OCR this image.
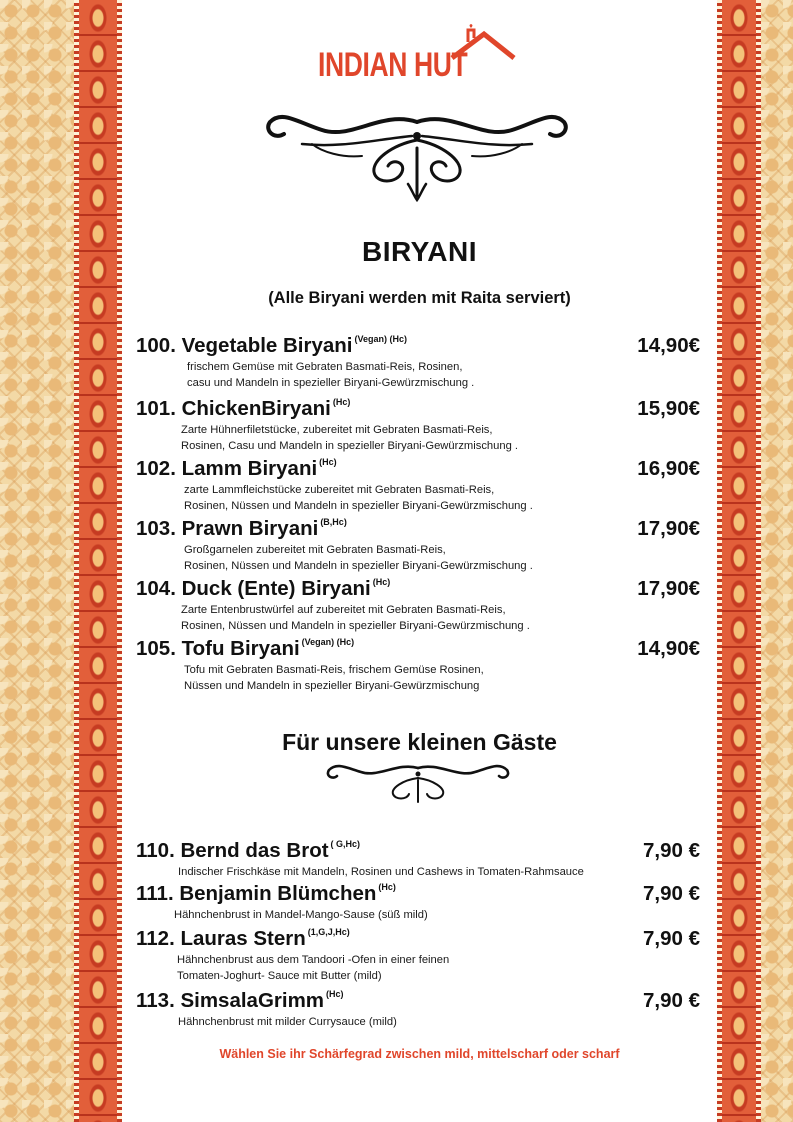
INDIAN HUT
BIRYANI
(Alle Biryani werden mit Raita serviert)
100. Vegetable Biryani $^{(Vegan) (Hc)}$	14,90€
frischem Gemüse mit Gebraten Basmati-Reis, Rosinen,
casu und Mandeln in spezieller Biryani-Gewürzmischung .
101. ChickenBiryani $^{(Hc)}$	15,90€
Zarte Hühnerfiletstücke, zubereitet mit Gebraten Basmati-Reis,
Rosinen, Casu und Mandeln in spezieller Biryani-Gewürzmischung .
102. Lamm Biryani $^{(Hc)}$	16,90€
zarte Lammfleichstücke zubereitet mit Gebraten Basmati-Reis,
Rosinen, Nüssen und Mandeln in spezieller Biryani-Gewürzmischung .
103. Prawn Biryani $^{(B,Hc)}$	17,90€
Großgarnelen zubereitet mit Gebraten Basmati-Reis,
Rosinen, Nüssen und Mandeln in spezieller Biryani-Gewürzmischung .
104. Duck (Ente) Biryani $^{(Hc)}$	17,90€
Zarte Entenbrustwürfel auf zubereitet mit Gebraten Basmati-Reis,
Rosinen, Nüssen und Mandeln in spezieller Biryani-Gewürzmischung .
105. Tofu Biryani $^{(Vegan) (Hc)}$	14,90€
Tofu mit Gebraten Basmati-Reis, frischem Gemüse Rosinen,
Nüssen und Mandeln in spezieller Biryani-Gewürzmischung
Für unsere kleinen Gäste
110. Bernd das Brot $^{( G,Hc)}$	7,90 €
Indischer Frischkäse mit Mandeln, Rosinen und Cashews in Tomaten-Rahmsauce
111. Benjamin Blümchen $^{(Hc)}$	7,90 €
Hähnchenbrust in Mandel-Mango-Sause (süß mild)
112. Lauras Stern $^{(1,G,J,Hc)}$	7,90 €
Hähnchenbrust aus dem Tandoori -Ofen in einer feinen
Tomaten-Joghurt- Sauce mit Butter (mild)
113. SimsalaGrimm $^{(Hc)}$	7,90 €
Hähnchenbrust mit milder Currysauce (mild)
Wählen Sie ihr Schärfegrad zwischen mild, mittelscharf oder scharf
